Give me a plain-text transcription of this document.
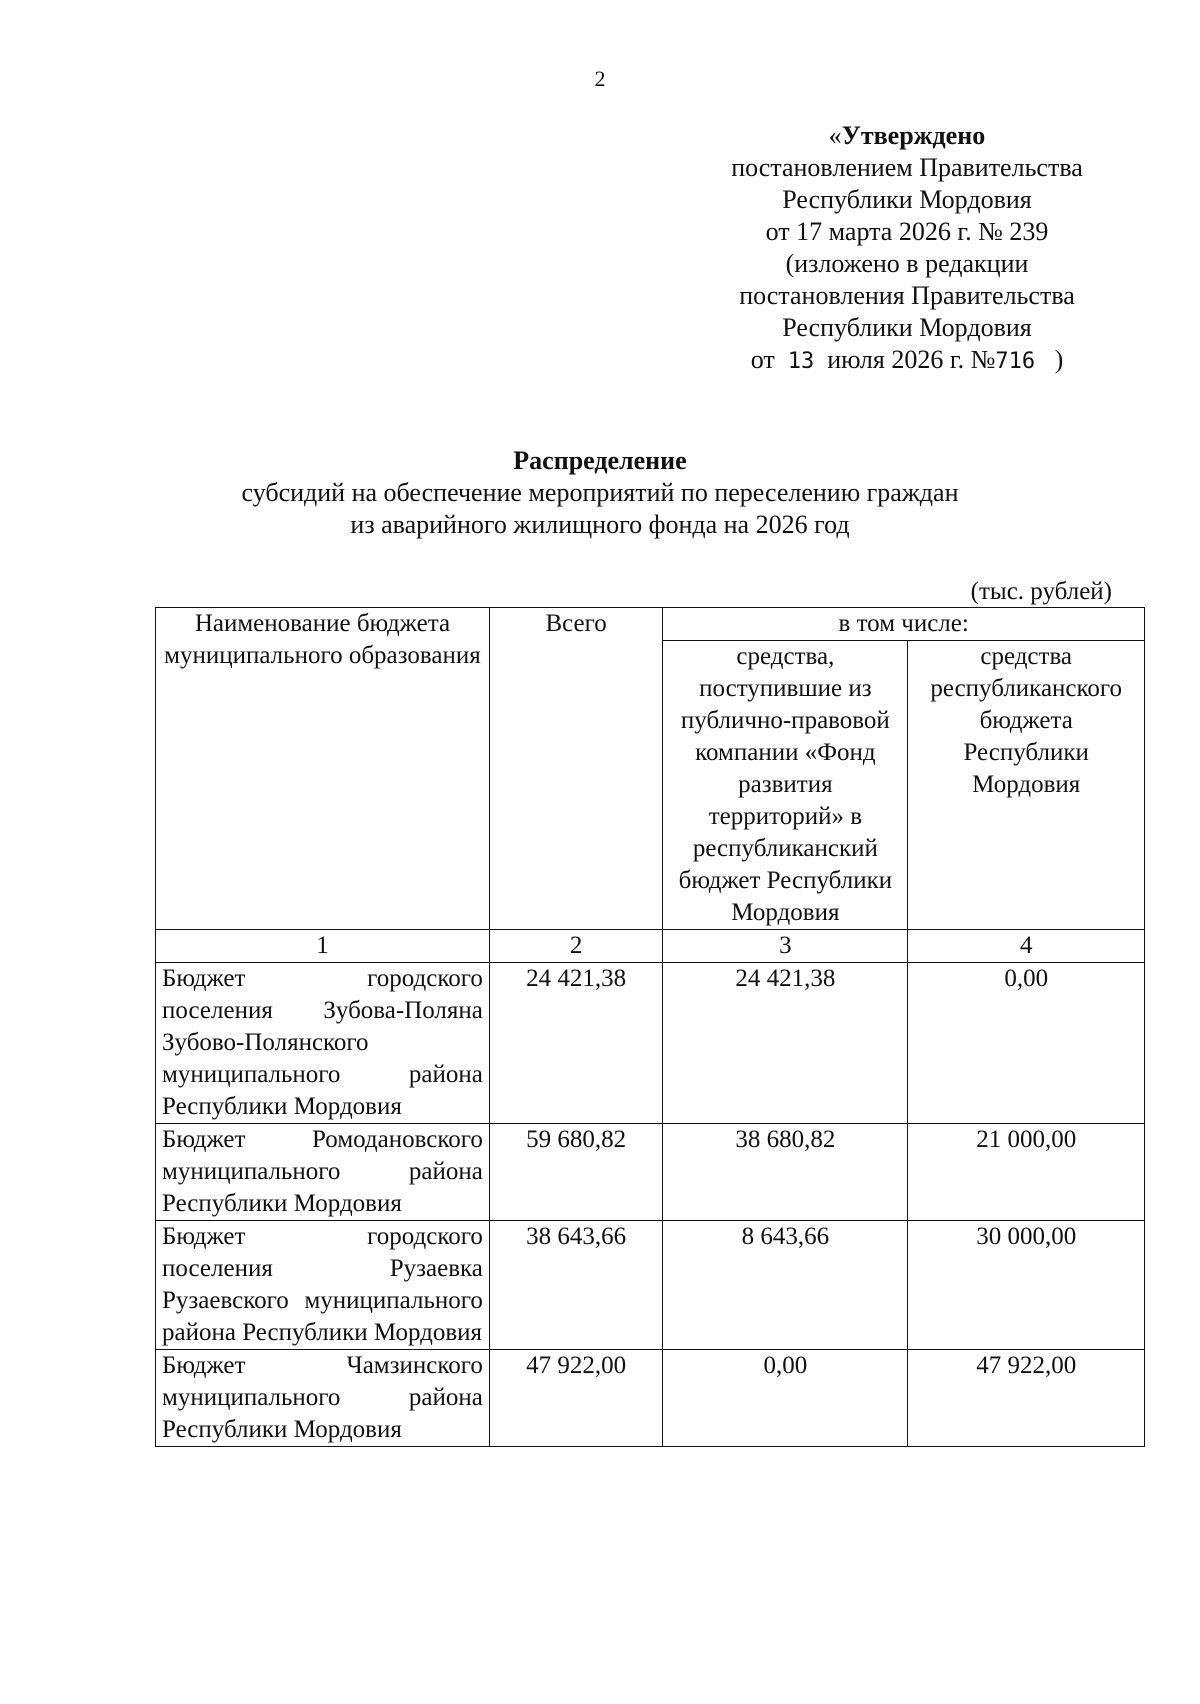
2
«Утверждено
постановлением Правительства
Республики Мордовия
от 17 марта 2026 г. № 239
(изложено в редакции
постановления Правительства
Республики Мордовия
от 13 июля 2026 г. №716 )
Распределение
субсидий на обеспечение мероприятий по переселению граждан
из аварийного жилищного фонда на 2026 год
(тыс. рублей)
Наименование бюджета муниципального образования	Всего	в том числе:	
		средства, поступившие из публично-правовой компании «Фонд развития территорий» в республиканский бюджет Республики Мордовия	средства республиканского бюджета Республики Мордовия
1	2	3	4
Бюджет городского поселения Зубова-Поляна Зубово-Полянского муниципального района Республики Мордовия	24 421,38	24 421,38	0,00
Бюджет Ромодановского муниципального района Республики Мордовия	59 680,82	38 680,82	21 000,00
Бюджет городского поселения Рузаевка Рузаевского муниципального района Республики Мордовия	38 643,66	8 643,66	30 000,00
Бюджет Чамзинского муниципального района Республики Мордовия	47 922,00	0,00	47 922,00
